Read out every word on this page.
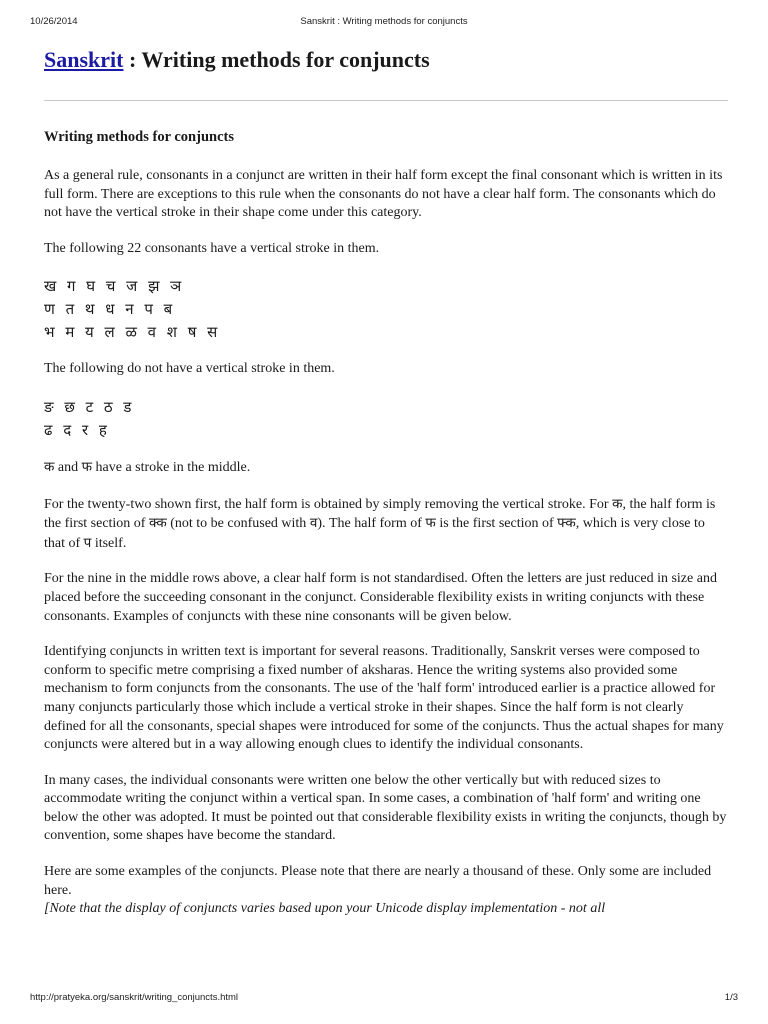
10/26/2014	Sanskrit : Writing methods for conjuncts
Sanskrit : Writing methods for conjuncts
Writing methods for conjuncts

As a general rule, consonants in a conjunct are written in their half form except the final consonant which is written in its full form. There are exceptions to this rule when the consonants do not have a clear half form. The consonants which do not have the vertical stroke in their shape come under this category.

The following 22 consonants have a vertical stroke in them.

ख ग घ च ज झ ञ
ण त थ ध न प ब
भ म य ल ळ व श ष स

The following do not have a vertical stroke in them.

ङ छ ट ठ ड
ढ द र ह

क and फ have a stroke in the middle.

For the twenty-two shown first, the half form is obtained by simply removing the vertical stroke. For क, the half form is the first section of क्क (not to be confused with व). The half form of फ is the first section of फ्क, which is very close to that of प itself.

For the nine in the middle rows above, a clear half form is not standardised. Often the letters are just reduced in size and placed before the succeeding consonant in the conjunct. Considerable flexibility exists in writing conjuncts with these consonants. Examples of conjuncts with these nine consonants will be given below.

Identifying conjuncts in written text is important for several reasons. Traditionally, Sanskrit verses were composed to conform to specific metre comprising a fixed number of aksharas. Hence the writing systems also provided some mechanism to form conjuncts from the consonants. The use of the 'half form' introduced earlier is a practice allowed for many conjuncts particularly those which include a vertical stroke in their shapes. Since the half form is not clearly defined for all the consonants, special shapes were introduced for some of the conjuncts. Thus the actual shapes for many conjuncts were altered but in a way allowing enough clues to identify the individual consonants.

In many cases, the individual consonants were written one below the other vertically but with reduced sizes to accommodate writing the conjunct within a vertical span. In some cases, a combination of 'half form' and writing one below the other was adopted. It must be pointed out that considerable flexibility exists in writing the conjuncts, though by convention, some shapes have become the standard.

Here are some examples of the conjuncts. Please note that there are nearly a thousand of these. Only some are included here.

[Note that the display of conjuncts varies based upon your Unicode display implementation - not all

http://pratyeka.org/sanskrit/writing_conjuncts.html	1/3
